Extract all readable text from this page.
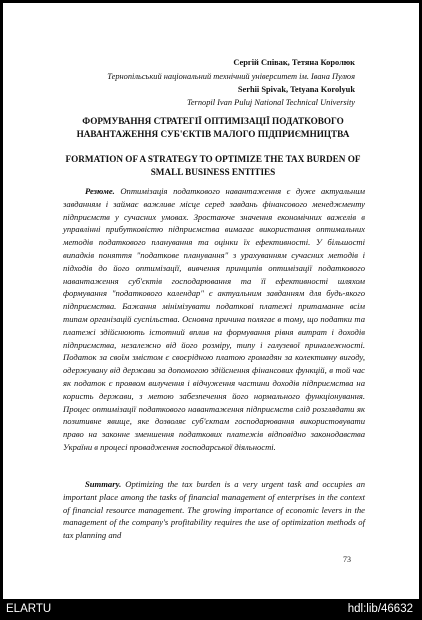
Сергій Співак, Тетяна Королюк
Тернопільський національний технічний університет ім. Івана Пулюя
Serhii Spivak, Tetyana Korolyuk
Ternopil Ivan Puluj National Technical University
ФОРМУВАННЯ СТРАТЕГІЇ ОПТИМІЗАЦІЇ ПОДАТКОВОГО НАВАНТАЖЕННЯ СУБ'ЄКТІВ МАЛОГО ПІДПРИЄМНИЦТВА
FORMATION OF A STRATEGY TO OPTIMIZE THE TAX BURDEN OF SMALL BUSINESS ENTITIES

Резюме. Оптимізація податкового навантаження є дуже актуальним завданням і займає важливе місце серед завдань фінансового менеджменту підприємств у сучасних умовах. Зростаюче значення економічних важелів в управлінні прибутковістю підприємства вимагає використання оптимальних методів податкового планування та оцінки їх ефективності. У більшості випадків поняття "податкове планування" з урахуванням сучасних методів і підходів до його оптимізації, вивчення принципів оптимізації податкового навантаження суб'єктів господарювання та її ефективності шляхом формування "податкового календар" є актуальним завданням для будь-якого підприємства. Бажання мінімізувати податкові платежі притаманне всім типам організацій суспільства. Основна причина полягає в тому, що податки та платежі здійснюють істотний вплив на формування рівня витрат і доходів підприємства, незалежно від його розміру, типу і галузевої приналежності. Податок за своїм змістом є своєрідною платою громадян за колективну вигоду, одержувану від держави за допомогою здійснення фінансових функцій, в той час як податок є проявом вилучення і відчуження частини доходів підприємства на користь держави, з метою забезпечення його нормального функціонування. Процес оптимізації податкового навантаження підприємств слід розглядати як позитивне явище, яке дозволяє суб'єктам господарювання використовувати право на законне зменшення податкових платежів відповідно законодавства України в процесі провадження господарської діяльності.

Summary. Optimizing the tax burden is a very urgent task and occupies an important place among the tasks of financial management of enterprises in the context of financial resource management. The growing importance of economic levers in the management of the company's profitability requires the use of optimization methods of tax planning and

73
ELARTU	hdl:lib/46632
